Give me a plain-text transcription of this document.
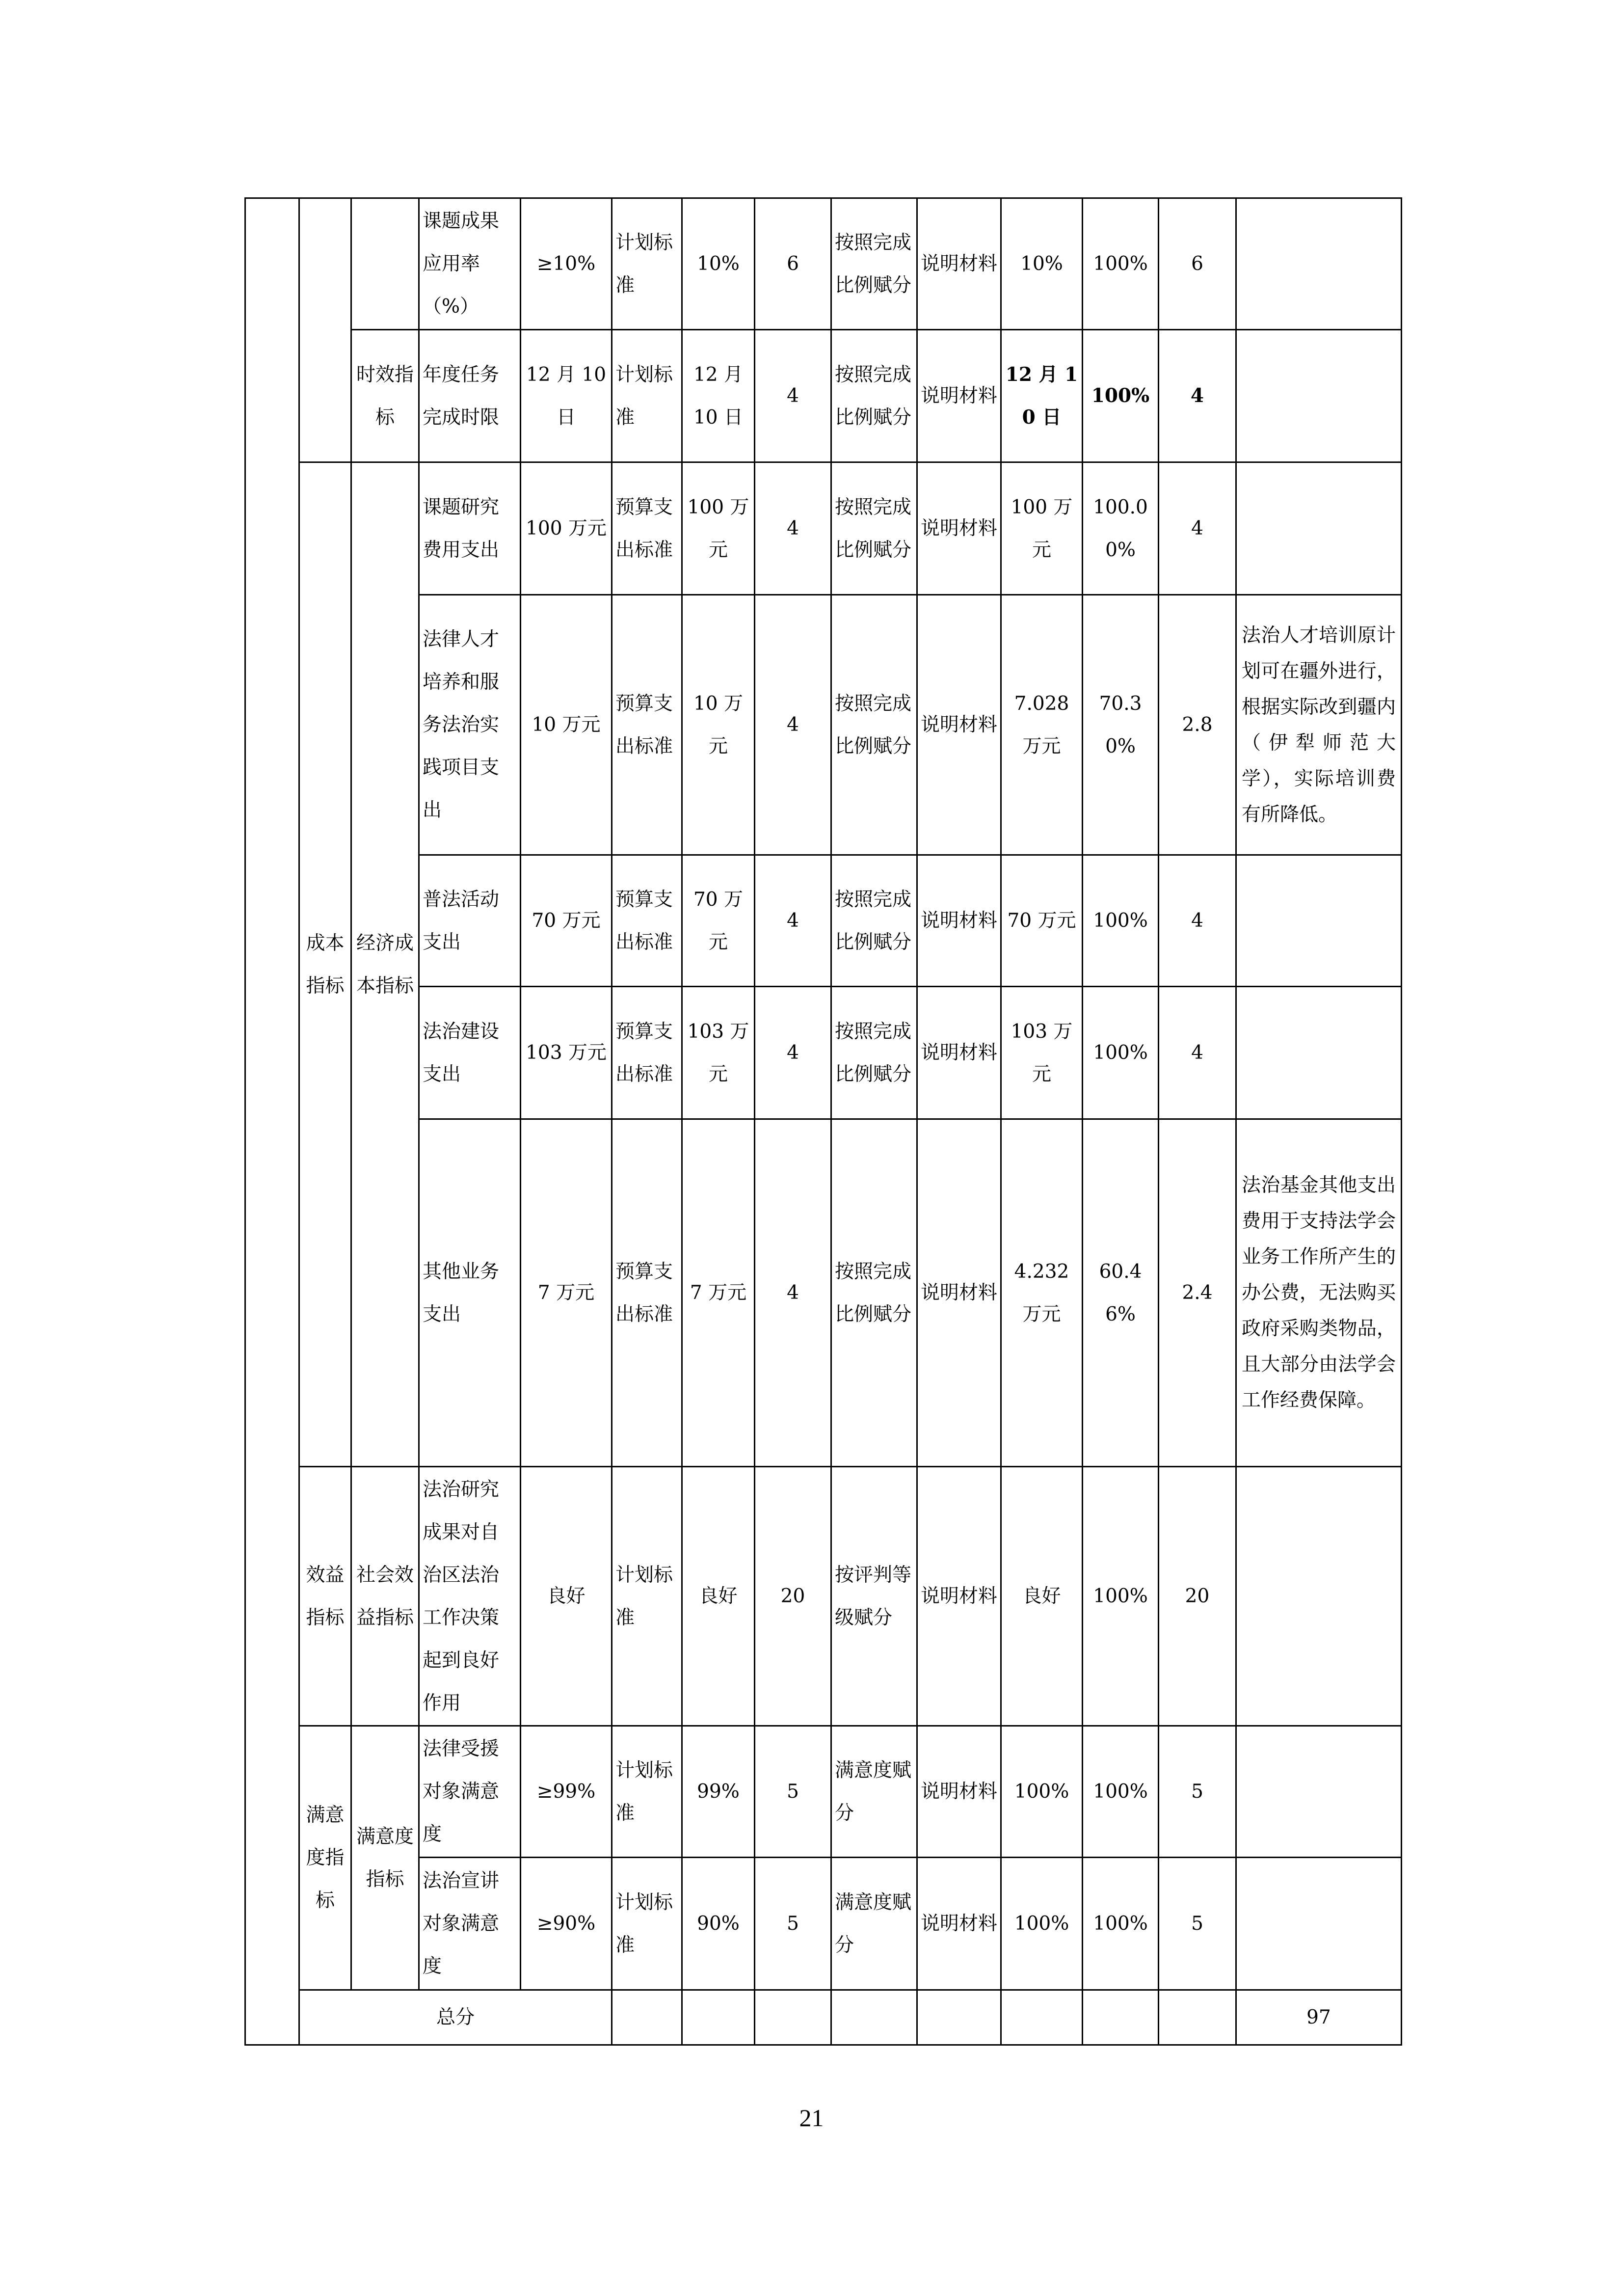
			课题成果应用率（%）	≥10%	计划标准	10%	6	按照完成比例赋分	说明材料	10%	100%	6		
		时效指标	年度任务完成时限	12 月 10 日	计划标准	12 月 10 日	4	按照完成比例赋分	说明材料	12 月 10 日	100%	4		
	成本指标	经济成本指标	课题研究费用支出	100 万元	预算支出标准	100 万元	4	按照完成比例赋分	说明材料	100 万元	100.00%	4		
			法律人才培养和服务法治实践项目支出	10 万元	预算支出标准	10 万元	4	按照完成比例赋分	说明材料	7.028 万元	70.30%	2.8	法治人才培训原计划可在疆外进行，根据实际改到疆内（伊犁师范大学），实际培训费有所降低。	
			普法活动支出	70 万元	预算支出标准	70 万元	4	按照完成比例赋分	说明材料	70 万元	100%	4		
			法治建设支出	103 万元	预算支出标准	103 万元	4	按照完成比例赋分	说明材料	103 万元	100%	4		
			其他业务支出	7 万元	预算支出标准	7 万元	4	按照完成比例赋分	说明材料	4.232 万元	60.46%	2.4	法治基金其他支出费用于支持法学会业务工作所产生的办公费，无法购买政府采购类物品，且大部分由法学会工作经费保障。	
	效益指标	社会效益指标	法治研究成果对自治区法治工作决策起到良好作用	良好	计划标准	良好	20	按评判等级赋分	说明材料	良好	100%	20		
	满意度指标	满意度指标	法律受援对象满意度	≥99%	计划标准	99%	5	满意度赋分	说明材料	100%	100%	5		
			法治宣讲对象满意度	≥90%	计划标准	90%	5	满意度赋分	说明材料	100%	100%	5		
	总分												97	
21
